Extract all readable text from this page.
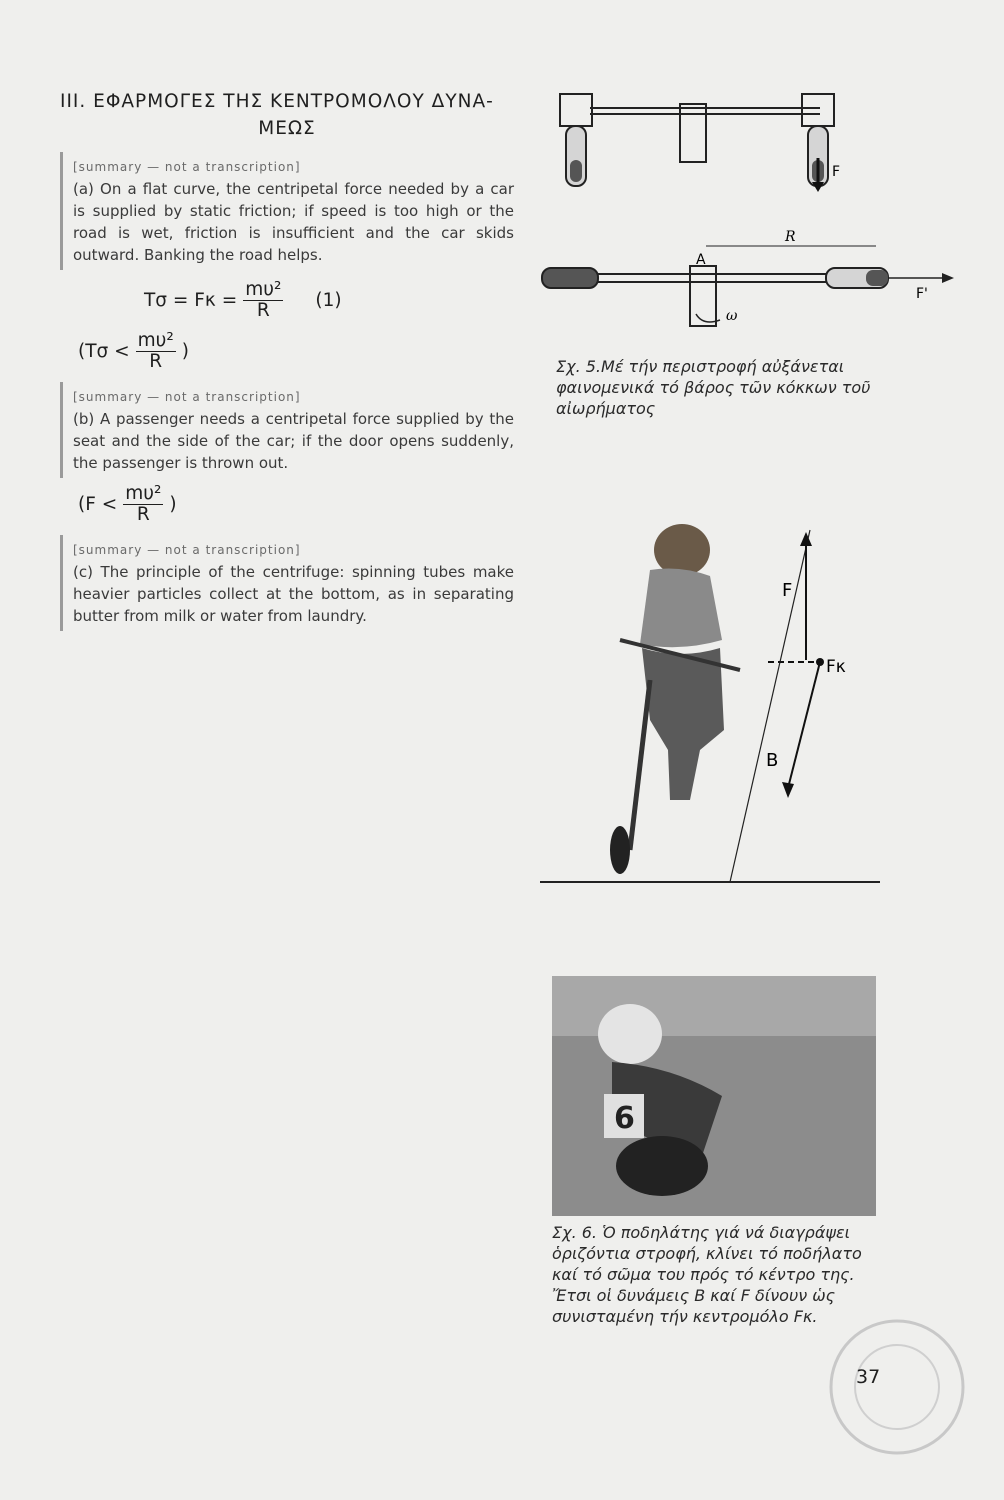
III. ΕΦΑΡΜΟΓΕΣ ΤΗΣ ΚΕΝΤΡΟΜΟΛΟΥ ΔΥΝΑ-
ΜΕΩΣ
[summary — not a transcription]
(a) On a flat curve, the centripetal force needed by a car is supplied by static friction; if speed is too high or the road is wet, friction is insufficient and the car skids outward. Banking the road helps.
$T\sigma = F\kappa = \frac{\text{mυ²}}{R} (1)$
($T\sigma < \frac{\text{mυ²}}{R}$ )
[summary — not a transcription]
(b) A passenger needs a centripetal force supplied by the seat and the side of the car; if the door opens suddenly, the passenger is thrown out.
($F < \frac{\text{mυ²}}{R}$ )
[summary — not a transcription]
(c) The principle of the centrifuge: spinning tubes make heavier particles collect at the bottom, as in separating butter from milk or water from laundry.
F
R
A
F'
ω
Σχ. 5.Μέ τήν περιστροφή αὐξάνεται φαινομενικά τό βάρος τῶν κόκκων τοῦ αἰωρήματος
F
Fκ
B
6
Σχ. 6. Ὁ ποδηλάτης γιά νά διαγράψει ὁριζόντια στροφή, κλίνει τό ποδήλατο καί τό σῶμα του πρός τό κέντρο της. Ἔτσι οἱ δυνάμεις B καί F δίνουν ὡς συνισταμένη τήν κεντρομόλο Fκ.
37
